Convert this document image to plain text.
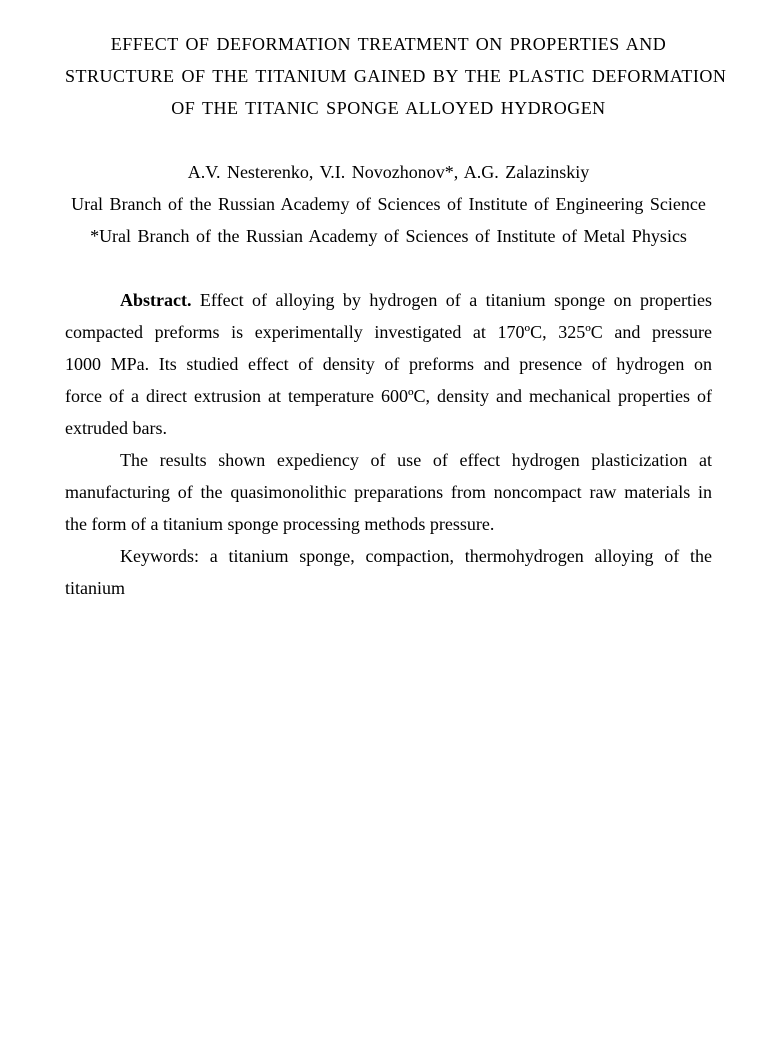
EFFECT OF DEFORMATION TREATMENT ON PROPERTIES AND
STRUCTURE OF THE TITANIUM GAINED BY THE PLASTIC DEFORMATION
OF THE TITANIC SPONGE ALLOYED HYDROGEN
A.V. Nesterenko, V.I. Novozhonov*, A.G. Zalazinskiy
Ural Branch of the Russian Academy of Sciences of Institute of Engineering Science
*Ural Branch of the Russian Academy of Sciences of Institute of Metal Physics
Abstract. Effect of alloying by hydrogen of a titanium sponge on properties
compacted preforms is experimentally investigated at 170ºC, 325ºC and pressure
1000 MPa. Its studied effect of density of preforms and presence of hydrogen on
force of a direct extrusion at temperature 600ºC, density and mechanical properties of
extruded bars.
The results shown expediency of use of effect hydrogen plasticization at
manufacturing of the quasimonolithic preparations from noncompact raw materials in
the form of a titanium sponge processing methods pressure.
Keywords: a titanium sponge, compaction, thermohydrogen alloying of the
titanium
